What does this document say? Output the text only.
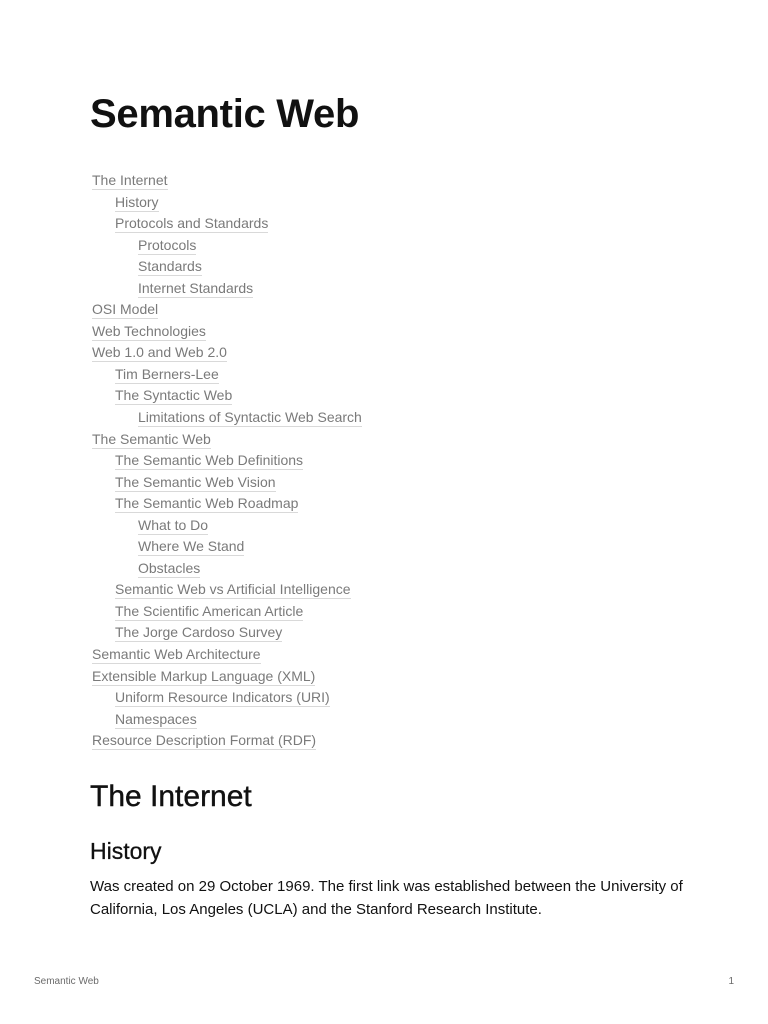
Semantic Web
The Internet
History
Protocols and Standards
Protocols
Standards
Internet Standards
OSI Model
Web Technologies
Web 1.0 and Web 2.0
Tim Berners-Lee
The Syntactic Web
Limitations of Syntactic Web Search
The Semantic Web
The Semantic Web Definitions
The Semantic Web Vision
The Semantic Web Roadmap
What to Do
Where We Stand
Obstacles
Semantic Web vs Artificial Intelligence
The Scientific American Article
The Jorge Cardoso Survey
Semantic Web Architecture
Extensible Markup Language (XML)
Uniform Resource Indicators (URI)
Namespaces
Resource Description Format (RDF)
The Internet
History

Was created on 29 October 1969. The first link was established between the University of California, Los Angeles (UCLA) and the Stanford Research Institute.

Semantic Web	1
